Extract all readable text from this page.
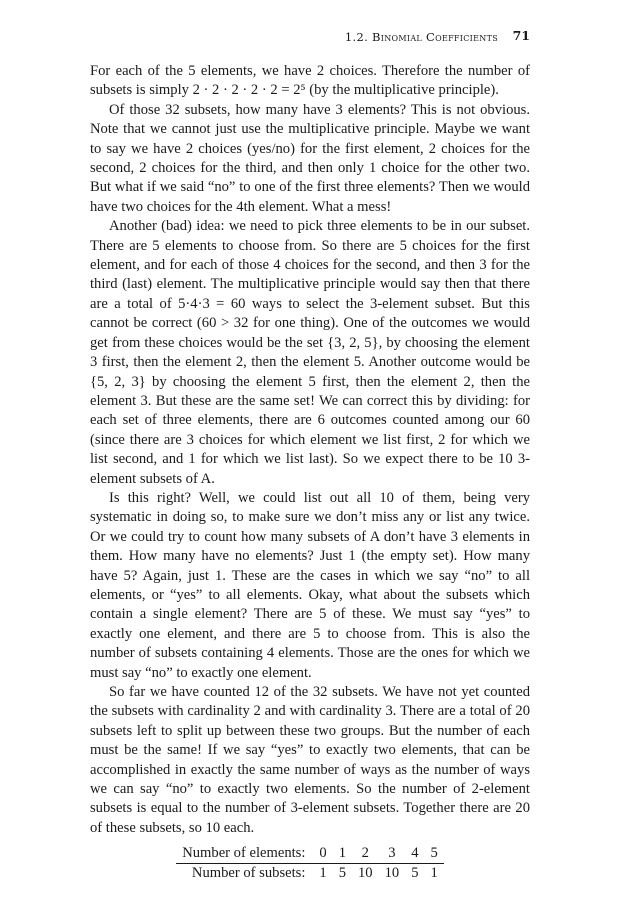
1.2. Binomial Coefficients 71

For each of the 5 elements, we have 2 choices. Therefore the number of subsets is simply 2 · 2 · 2 · 2 · 2 = 2⁵ (by the multiplicative principle).

Of those 32 subsets, how many have 3 elements? This is not obvious. Note that we cannot just use the multiplicative principle. Maybe we want to say we have 2 choices (yes/no) for the first element, 2 choices for the second, 2 choices for the third, and then only 1 choice for the other two. But what if we said “no” to one of the first three elements? Then we would have two choices for the 4th element. What a mess!

Another (bad) idea: we need to pick three elements to be in our subset. There are 5 elements to choose from. So there are 5 choices for the first element, and for each of those 4 choices for the second, and then 3 for the third (last) element. The multiplicative principle would say then that there are a total of 5·4·3 = 60 ways to select the 3-element subset. But this cannot be correct (60 > 32 for one thing). One of the outcomes we would get from these choices would be the set {3, 2, 5}, by choosing the element 3 first, then the element 2, then the element 5. Another outcome would be {5, 2, 3} by choosing the element 5 first, then the element 2, then the element 3. But these are the same set! We can correct this by dividing: for each set of three elements, there are 6 outcomes counted among our 60 (since there are 3 choices for which element we list first, 2 for which we list second, and 1 for which we list last). So we expect there to be 10 3-element subsets of A.

Is this right? Well, we could list out all 10 of them, being very systematic in doing so, to make sure we don’t miss any or list any twice. Or we could try to count how many subsets of A don’t have 3 elements in them. How many have no elements? Just 1 (the empty set). How many have 5? Again, just 1. These are the cases in which we say “no” to all elements, or “yes” to all elements. Okay, what about the subsets which contain a single element? There are 5 of these. We must say “yes” to exactly one element, and there are 5 to choose from. This is also the number of subsets containing 4 elements. Those are the ones for which we must say “no” to exactly one element.

So far we have counted 12 of the 32 subsets. We have not yet counted the subsets with cardinality 2 and with cardinality 3. There are a total of 20 subsets left to split up between these two groups. But the number of each must be the same! If we say “yes” to exactly two elements, that can be accomplished in exactly the same number of ways as the number of ways we can say “no” to exactly two elements. So the number of 2-element subsets is equal to the number of 3-element subsets. Together there are 20 of these subsets, so 10 each.

Number of elements:	0	1	2	3	4	5
Number of subsets:	1	5	10	10	5	1
